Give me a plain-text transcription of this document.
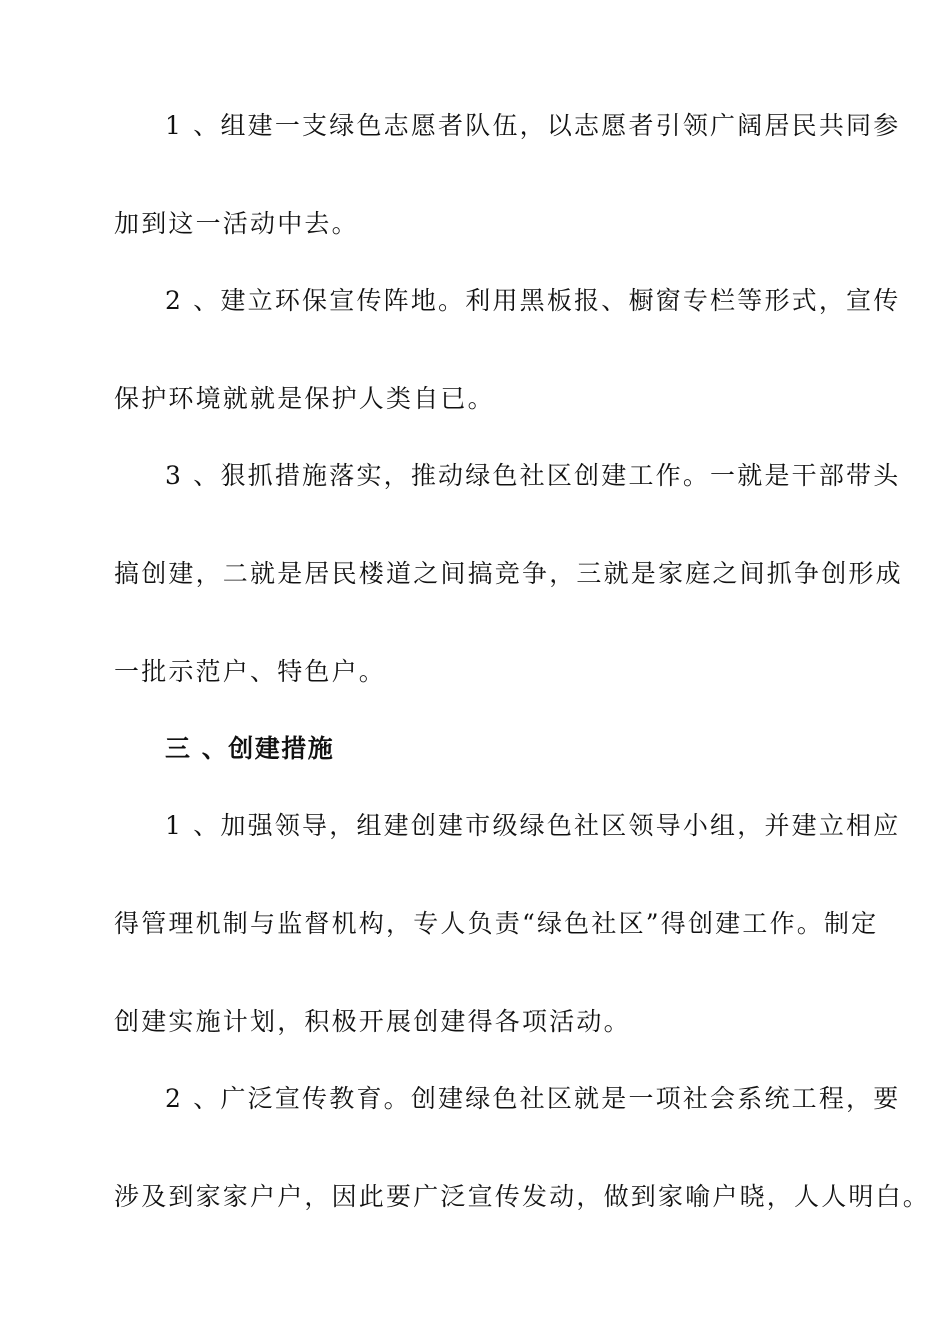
1 、组建一支绿色志愿者队伍，以志愿者引领广阔居民共同参
加到这一活动中去。
2 、建立环保宣传阵地。利用黑板报、橱窗专栏等形式，宣传
保护环境就就是保护人类自已。
3 、狠抓措施落实，推动绿色社区创建工作。一就是干部带头
搞创建，二就是居民楼道之间搞竞争，三就是家庭之间抓争创形成
一批示范户、特色户。
三 、创建措施
1 、加强领导，组建创建市级绿色社区领导小组，并建立相应
得管理机制与监督机构，专人负责“绿色社区”得创建工作。制定
创建实施计划，积极开展创建得各项活动。
2 、广泛宣传教育。创建绿色社区就是一项社会系统工程，要
涉及到家家户户，因此要广泛宣传发动，做到家喻户晓，人人明白。
